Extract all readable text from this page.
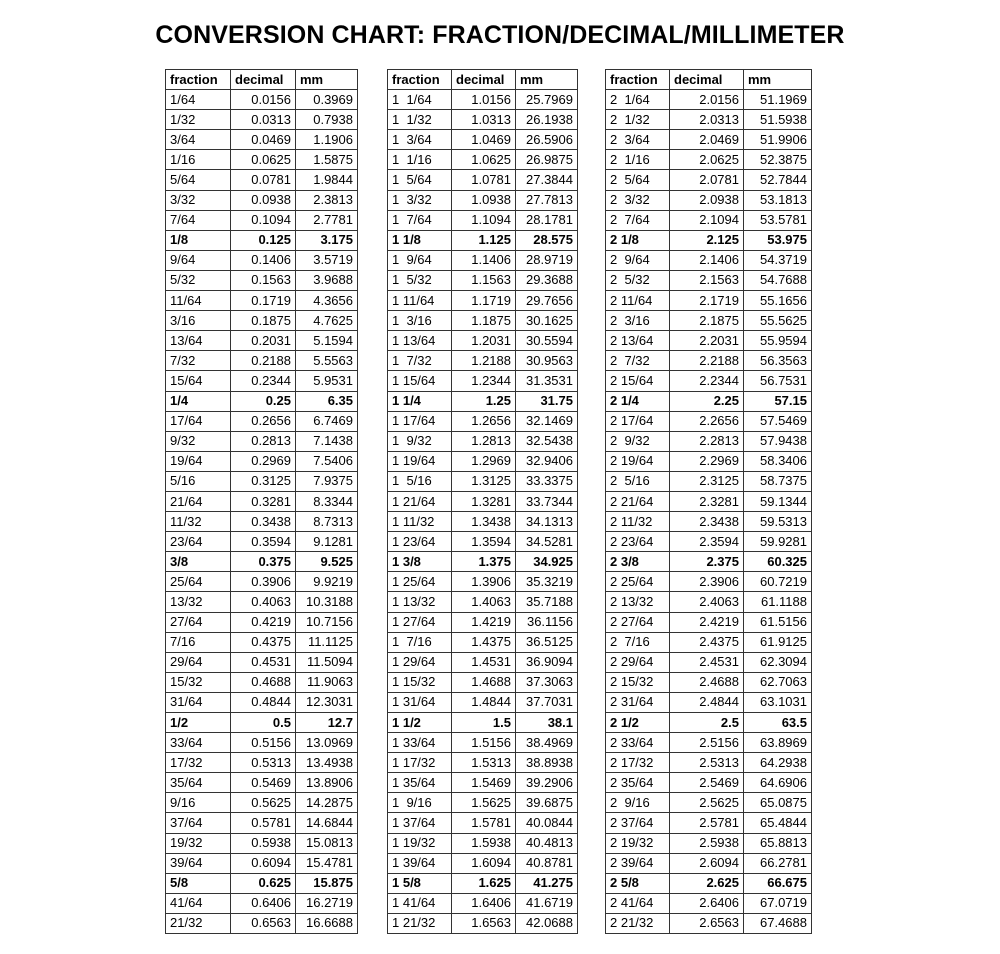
CONVERSION CHART: FRACTION/DECIMAL/MILLIMETER
fraction	decimal	mm		fraction	decimal	mm		fraction	decimal	mm
1/64	0.0156	0.3969		1  1/64	1.0156	25.7969		2  1/64	2.0156	51.1969
1/32	0.0313	0.7938		1  1/32	1.0313	26.1938		2  1/32	2.0313	51.5938
3/64	0.0469	1.1906		1  3/64	1.0469	26.5906		2  3/64	2.0469	51.9906
1/16	0.0625	1.5875		1  1/16	1.0625	26.9875		2  1/16	2.0625	52.3875
5/64	0.0781	1.9844		1  5/64	1.0781	27.3844		2  5/64	2.0781	52.7844
3/32	0.0938	2.3813		1  3/32	1.0938	27.7813		2  3/32	2.0938	53.1813
7/64	0.1094	2.7781		1  7/64	1.1094	28.1781		2  7/64	2.1094	53.5781
1/8	0.125	3.175		1 1/8	1.125	28.575		2 1/8	2.125	53.975
9/64	0.1406	3.5719		1  9/64	1.1406	28.9719		2  9/64	2.1406	54.3719
5/32	0.1563	3.9688		1  5/32	1.1563	29.3688		2  5/32	2.1563	54.7688
11/64	0.1719	4.3656		1 11/64	1.1719	29.7656		2 11/64	2.1719	55.1656
3/16	0.1875	4.7625		1  3/16	1.1875	30.1625		2  3/16	2.1875	55.5625
13/64	0.2031	5.1594		1 13/64	1.2031	30.5594		2 13/64	2.2031	55.9594
7/32	0.2188	5.5563		1  7/32	1.2188	30.9563		2  7/32	2.2188	56.3563
15/64	0.2344	5.9531		1 15/64	1.2344	31.3531		2 15/64	2.2344	56.7531
1/4	0.25	6.35		1 1/4	1.25	31.75		2 1/4	2.25	57.15
17/64	0.2656	6.7469		1 17/64	1.2656	32.1469		2 17/64	2.2656	57.5469
9/32	0.2813	7.1438		1  9/32	1.2813	32.5438		2  9/32	2.2813	57.9438
19/64	0.2969	7.5406		1 19/64	1.2969	32.9406		2 19/64	2.2969	58.3406
5/16	0.3125	7.9375		1  5/16	1.3125	33.3375		2  5/16	2.3125	58.7375
21/64	0.3281	8.3344		1 21/64	1.3281	33.7344		2 21/64	2.3281	59.1344
11/32	0.3438	8.7313		1 11/32	1.3438	34.1313		2 11/32	2.3438	59.5313
23/64	0.3594	9.1281		1 23/64	1.3594	34.5281		2 23/64	2.3594	59.9281
3/8	0.375	9.525		1 3/8	1.375	34.925		2 3/8	2.375	60.325
25/64	0.3906	9.9219		1 25/64	1.3906	35.3219		2 25/64	2.3906	60.7219
13/32	0.4063	10.3188		1 13/32	1.4063	35.7188		2 13/32	2.4063	61.1188
27/64	0.4219	10.7156		1 27/64	1.4219	36.1156		2 27/64	2.4219	61.5156
7/16	0.4375	11.1125		1  7/16	1.4375	36.5125		2  7/16	2.4375	61.9125
29/64	0.4531	11.5094		1 29/64	1.4531	36.9094		2 29/64	2.4531	62.3094
15/32	0.4688	11.9063		1 15/32	1.4688	37.3063		2 15/32	2.4688	62.7063
31/64	0.4844	12.3031		1 31/64	1.4844	37.7031		2 31/64	2.4844	63.1031
1/2	0.5	12.7		1 1/2	1.5	38.1		2 1/2	2.5	63.5
33/64	0.5156	13.0969		1 33/64	1.5156	38.4969		2 33/64	2.5156	63.8969
17/32	0.5313	13.4938		1 17/32	1.5313	38.8938		2 17/32	2.5313	64.2938
35/64	0.5469	13.8906		1 35/64	1.5469	39.2906		2 35/64	2.5469	64.6906
9/16	0.5625	14.2875		1  9/16	1.5625	39.6875		2  9/16	2.5625	65.0875
37/64	0.5781	14.6844		1 37/64	1.5781	40.0844		2 37/64	2.5781	65.4844
19/32	0.5938	15.0813		1 19/32	1.5938	40.4813		2 19/32	2.5938	65.8813
39/64	0.6094	15.4781		1 39/64	1.6094	40.8781		2 39/64	2.6094	66.2781
5/8	0.625	15.875		1 5/8	1.625	41.275		2 5/8	2.625	66.675
41/64	0.6406	16.2719		1 41/64	1.6406	41.6719		2 41/64	2.6406	67.0719
21/32	0.6563	16.6688		1 21/32	1.6563	42.0688		2 21/32	2.6563	67.4688
